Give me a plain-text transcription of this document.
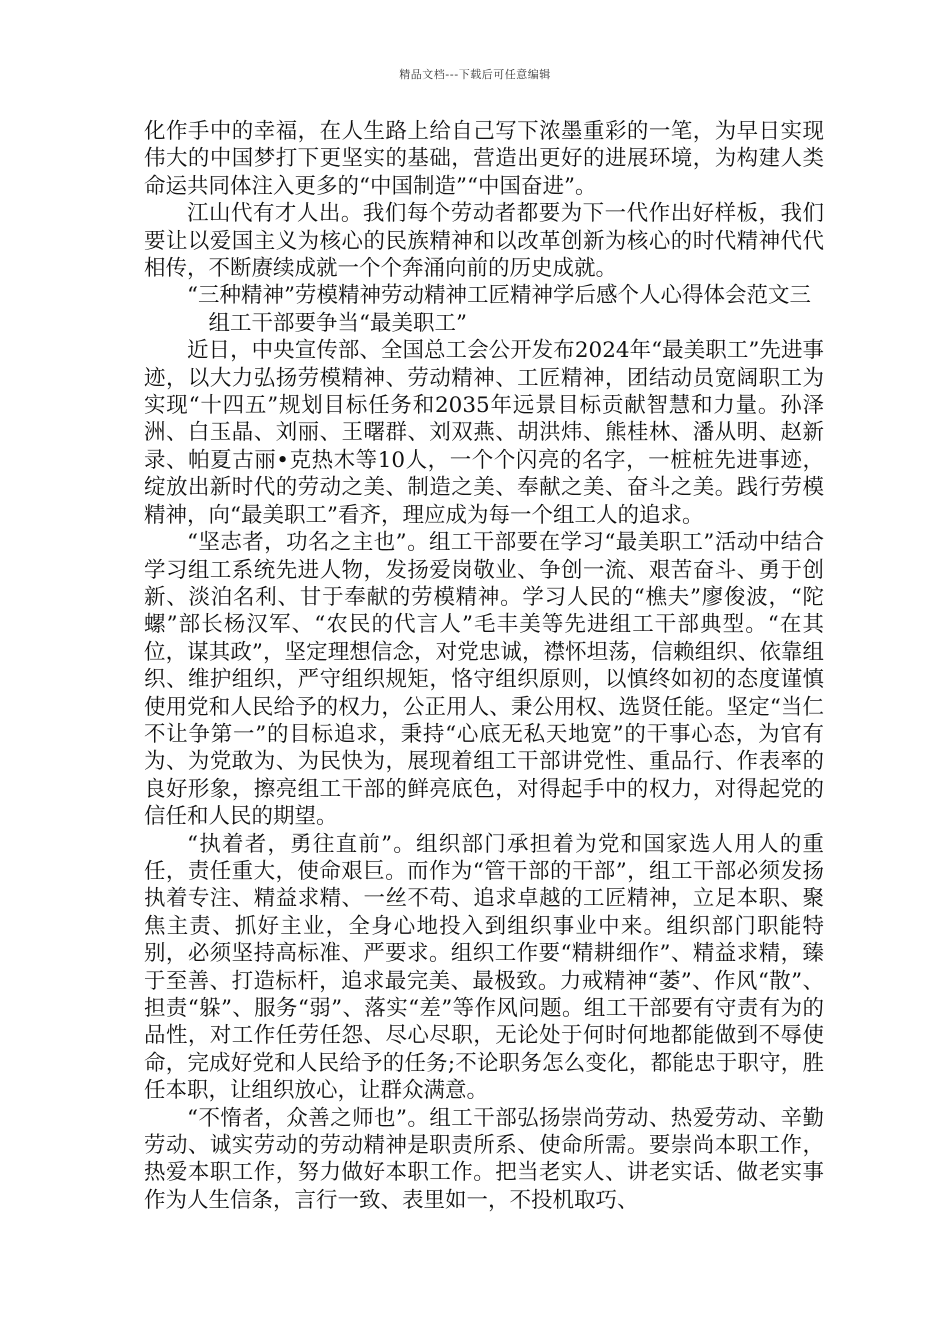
精品文档---下载后可任意编辑

化作手中的幸福，在人生路上给自己写下浓墨重彩的一笔，为早日实现伟大的中国梦打下更坚实的基础，营造出更好的进展环境，为构建人类命运共同体注入更多的“中国制造”“中国奋进”。

江山代有才人出。我们每个劳动者都要为下一代作出好样板，我们要让以爱国主义为核心的民族精神和以改革创新为核心的时代精神代代相传，不断赓续成就一个个奔涌向前的历史成就。

“三种精神”劳模精神劳动精神工匠精神学后感个人心得体会范文三

组工干部要争当“最美职工”

近日，中央宣传部、全国总工会公开发布2024年“最美职工”先进事迹，以大力弘扬劳模精神、劳动精神、工匠精神，团结动员宽阔职工为实现“十四五”规划目标任务和2035年远景目标贡献智慧和力量。孙泽洲、白玉晶、刘丽、王曙群、刘双燕、胡洪炜、熊桂林、潘从明、赵新录、帕夏古丽•克热木等10人，一个个闪亮的名字，一桩桩先进事迹，绽放出新时代的劳动之美、制造之美、奉献之美、奋斗之美。践行劳模精神，向“最美职工”看齐，理应成为每一个组工人的追求。

“坚志者，功名之主也”。组工干部要在学习“最美职工”活动中结合学习组工系统先进人物，发扬爱岗敬业、争创一流、艰苦奋斗、勇于创新、淡泊名利、甘于奉献的劳模精神。学习人民的“樵夫”廖俊波，“陀螺”部长杨汉军、“农民的代言人”毛丰美等先进组工干部典型。“在其位，谋其政”，坚定理想信念，对党忠诚，襟怀坦荡，信赖组织、依靠组织、维护组织，严守组织规矩，恪守组织原则，以慎终如初的态度谨慎使用党和人民给予的权力，公正用人、秉公用权、选贤任能。坚定“当仁不让争第一”的目标追求，秉持“心底无私天地宽”的干事心态，为官有为、为党敢为、为民快为，展现着组工干部讲党性、重品行、作表率的良好形象，擦亮组工干部的鲜亮底色，对得起手中的权力，对得起党的信任和人民的期望。

“执着者，勇往直前”。组织部门承担着为党和国家选人用人的重任，责任重大，使命艰巨。而作为“管干部的干部”，组工干部必须发扬执着专注、精益求精、一丝不苟、追求卓越的工匠精神，立足本职、聚焦主责、抓好主业，全身心地投入到组织事业中来。组织部门职能特别，必须坚持高标准、严要求。组织工作要“精耕细作”、精益求精，臻于至善、打造标杆，追求最完美、最极致。力戒精神“萎”、作风“散”、担责“躲”、服务“弱”、落实“差”等作风问题。组工干部要有守责有为的品性，对工作任劳任怨、尽心尽职，无论处于何时何地都能做到不辱使命，完成好党和人民给予的任务;不论职务怎么变化，都能忠于职守，胜任本职，让组织放心，让群众满意。

“不惰者，众善之师也”。组工干部弘扬崇尚劳动、热爱劳动、辛勤劳动、诚实劳动的劳动精神是职责所系、使命所需。要崇尚本职工作，热爱本职工作，努力做好本职工作。把当老实人、讲老实话、做老实事作为人生信条，言行一致、表里如一，不投机取巧、
